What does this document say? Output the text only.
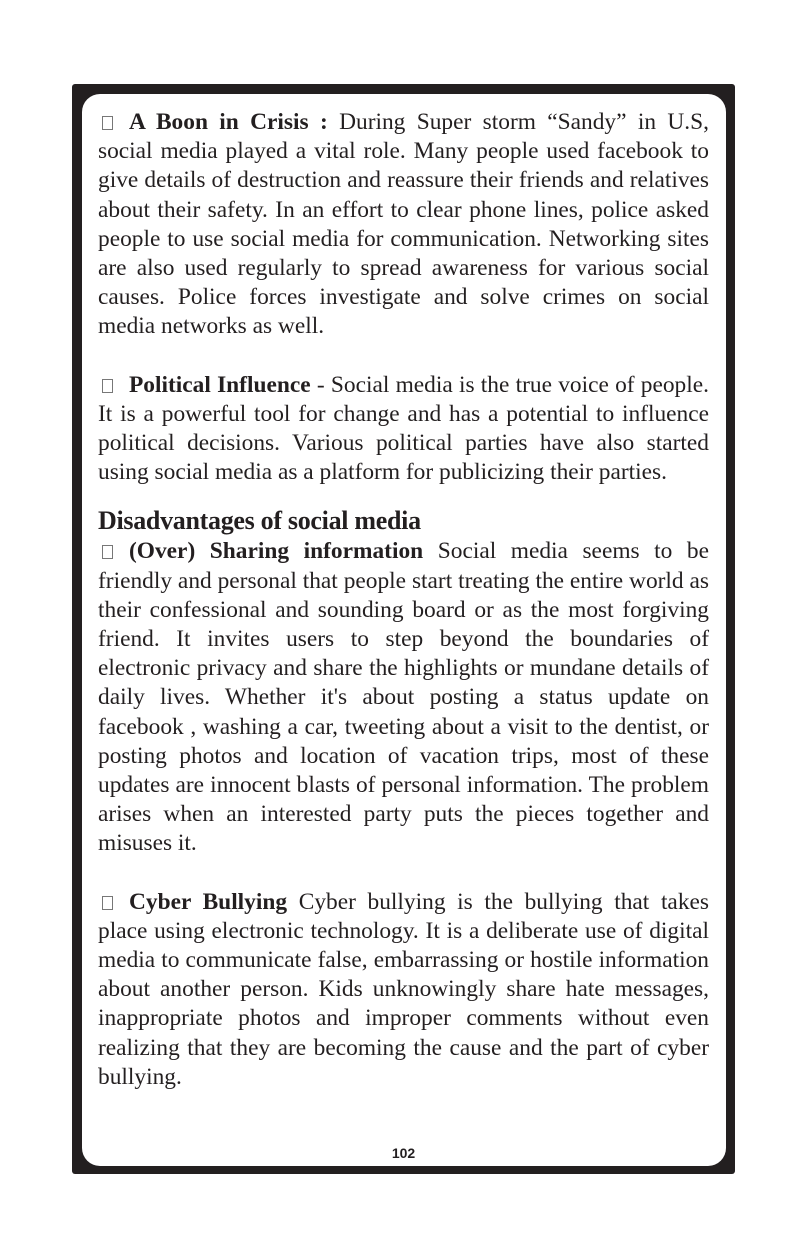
A Boon in Crisis : During Super storm “Sandy” in U.S, social media played a vital role. Many people used facebook to give details of destruction and reassure their friends and relatives about their safety. In an effort to clear phone lines, police asked people to use social media for communication. Networking sites are also used regularly to spread awareness for various social causes. Police forces investigate and solve crimes on social media networks as well.

Political Influence - Social media is the true voice of people. It is a powerful tool for change and has a potential to influence political decisions. Various political parties have also started using social media as a platform for publicizing their parties.

Disadvantages of social media

(Over) Sharing information Social media seems to be friendly and personal that people start treating the entire world as their confessional and sounding board or as the most forgiving friend. It invites users to step beyond the boundaries of electronic privacy and share the highlights or mundane details of daily lives. Whether it's about posting a status update on facebook , washing a car, tweeting about a visit to the dentist, or posting photos and location of vacation trips, most of these updates are innocent blasts of personal information. The problem arises when an interested party puts the pieces together and misuses it.

Cyber Bullying Cyber bullying is the bullying that takes place using electronic technology. It is a deliberate use of digital media to communicate false, embarrassing or hostile information about another person. Kids unknowingly share hate messages, inappropriate photos and improper comments without even realizing that they are becoming the cause and the part of cyber bullying.

102
